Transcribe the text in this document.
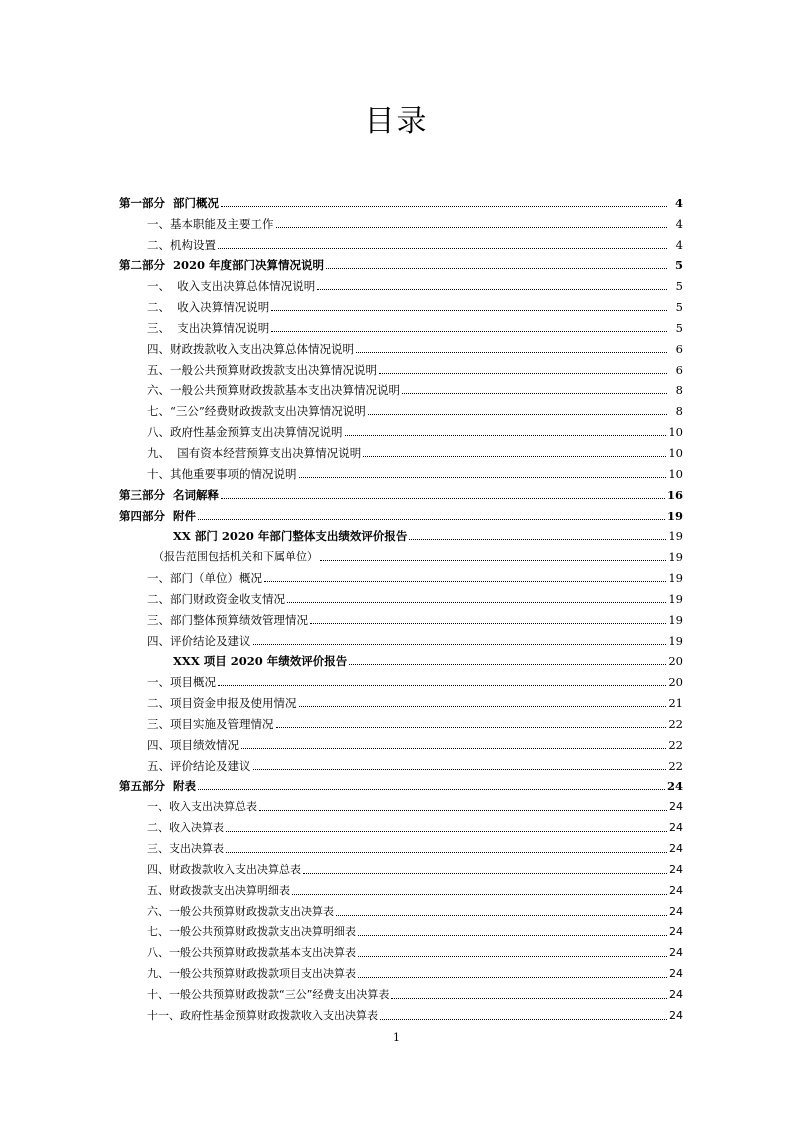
目录
第一部分  部门概况	4
一、基本职能及主要工作	4
二、机构设置	4
第二部分  2020 年度部门决算情况说明	5
一、  收入支出决算总体情况说明	5
二、  收入决算情况说明	5
三、  支出决算情况说明	5
四、财政拨款收入支出决算总体情况说明	6
五、一般公共预算财政拨款支出决算情况说明	6
六、一般公共预算财政拨款基本支出决算情况说明	8
七、“三公”经费财政拨款支出决算情况说明	8
八、政府性基金预算支出决算情况说明	10
九、  国有资本经营预算支出决算情况说明	10
十、其他重要事项的情况说明	10
第三部分  名词解释	16
第四部分  附件	19
XX 部门 2020 年部门整体支出绩效评价报告	19
（报告范围包括机关和下属单位）	19
一、部门（单位）概况	19
二、部门财政资金收支情况	19
三、部门整体预算绩效管理情况	19
四、评价结论及建议	19
XXX 项目 2020 年绩效评价报告	20
一、项目概况	20
二、项目资金申报及使用情况	21
三、项目实施及管理情况	22
四、项目绩效情况	22
五、评价结论及建议	22
第五部分  附表	24
一、收入支出决算总表	24
二、收入决算表	24
三、支出决算表	24
四、财政拨款收入支出决算总表	24
五、财政拨款支出决算明细表	24
六、一般公共预算财政拨款支出决算表	24
七、一般公共预算财政拨款支出决算明细表	24
八、一般公共预算财政拨款基本支出决算表	24
九、一般公共预算财政拨款项目支出决算表	24
十、一般公共预算财政拨款“三公”经费支出决算表	24
十一、政府性基金预算财政拨款收入支出决算表	24
1
